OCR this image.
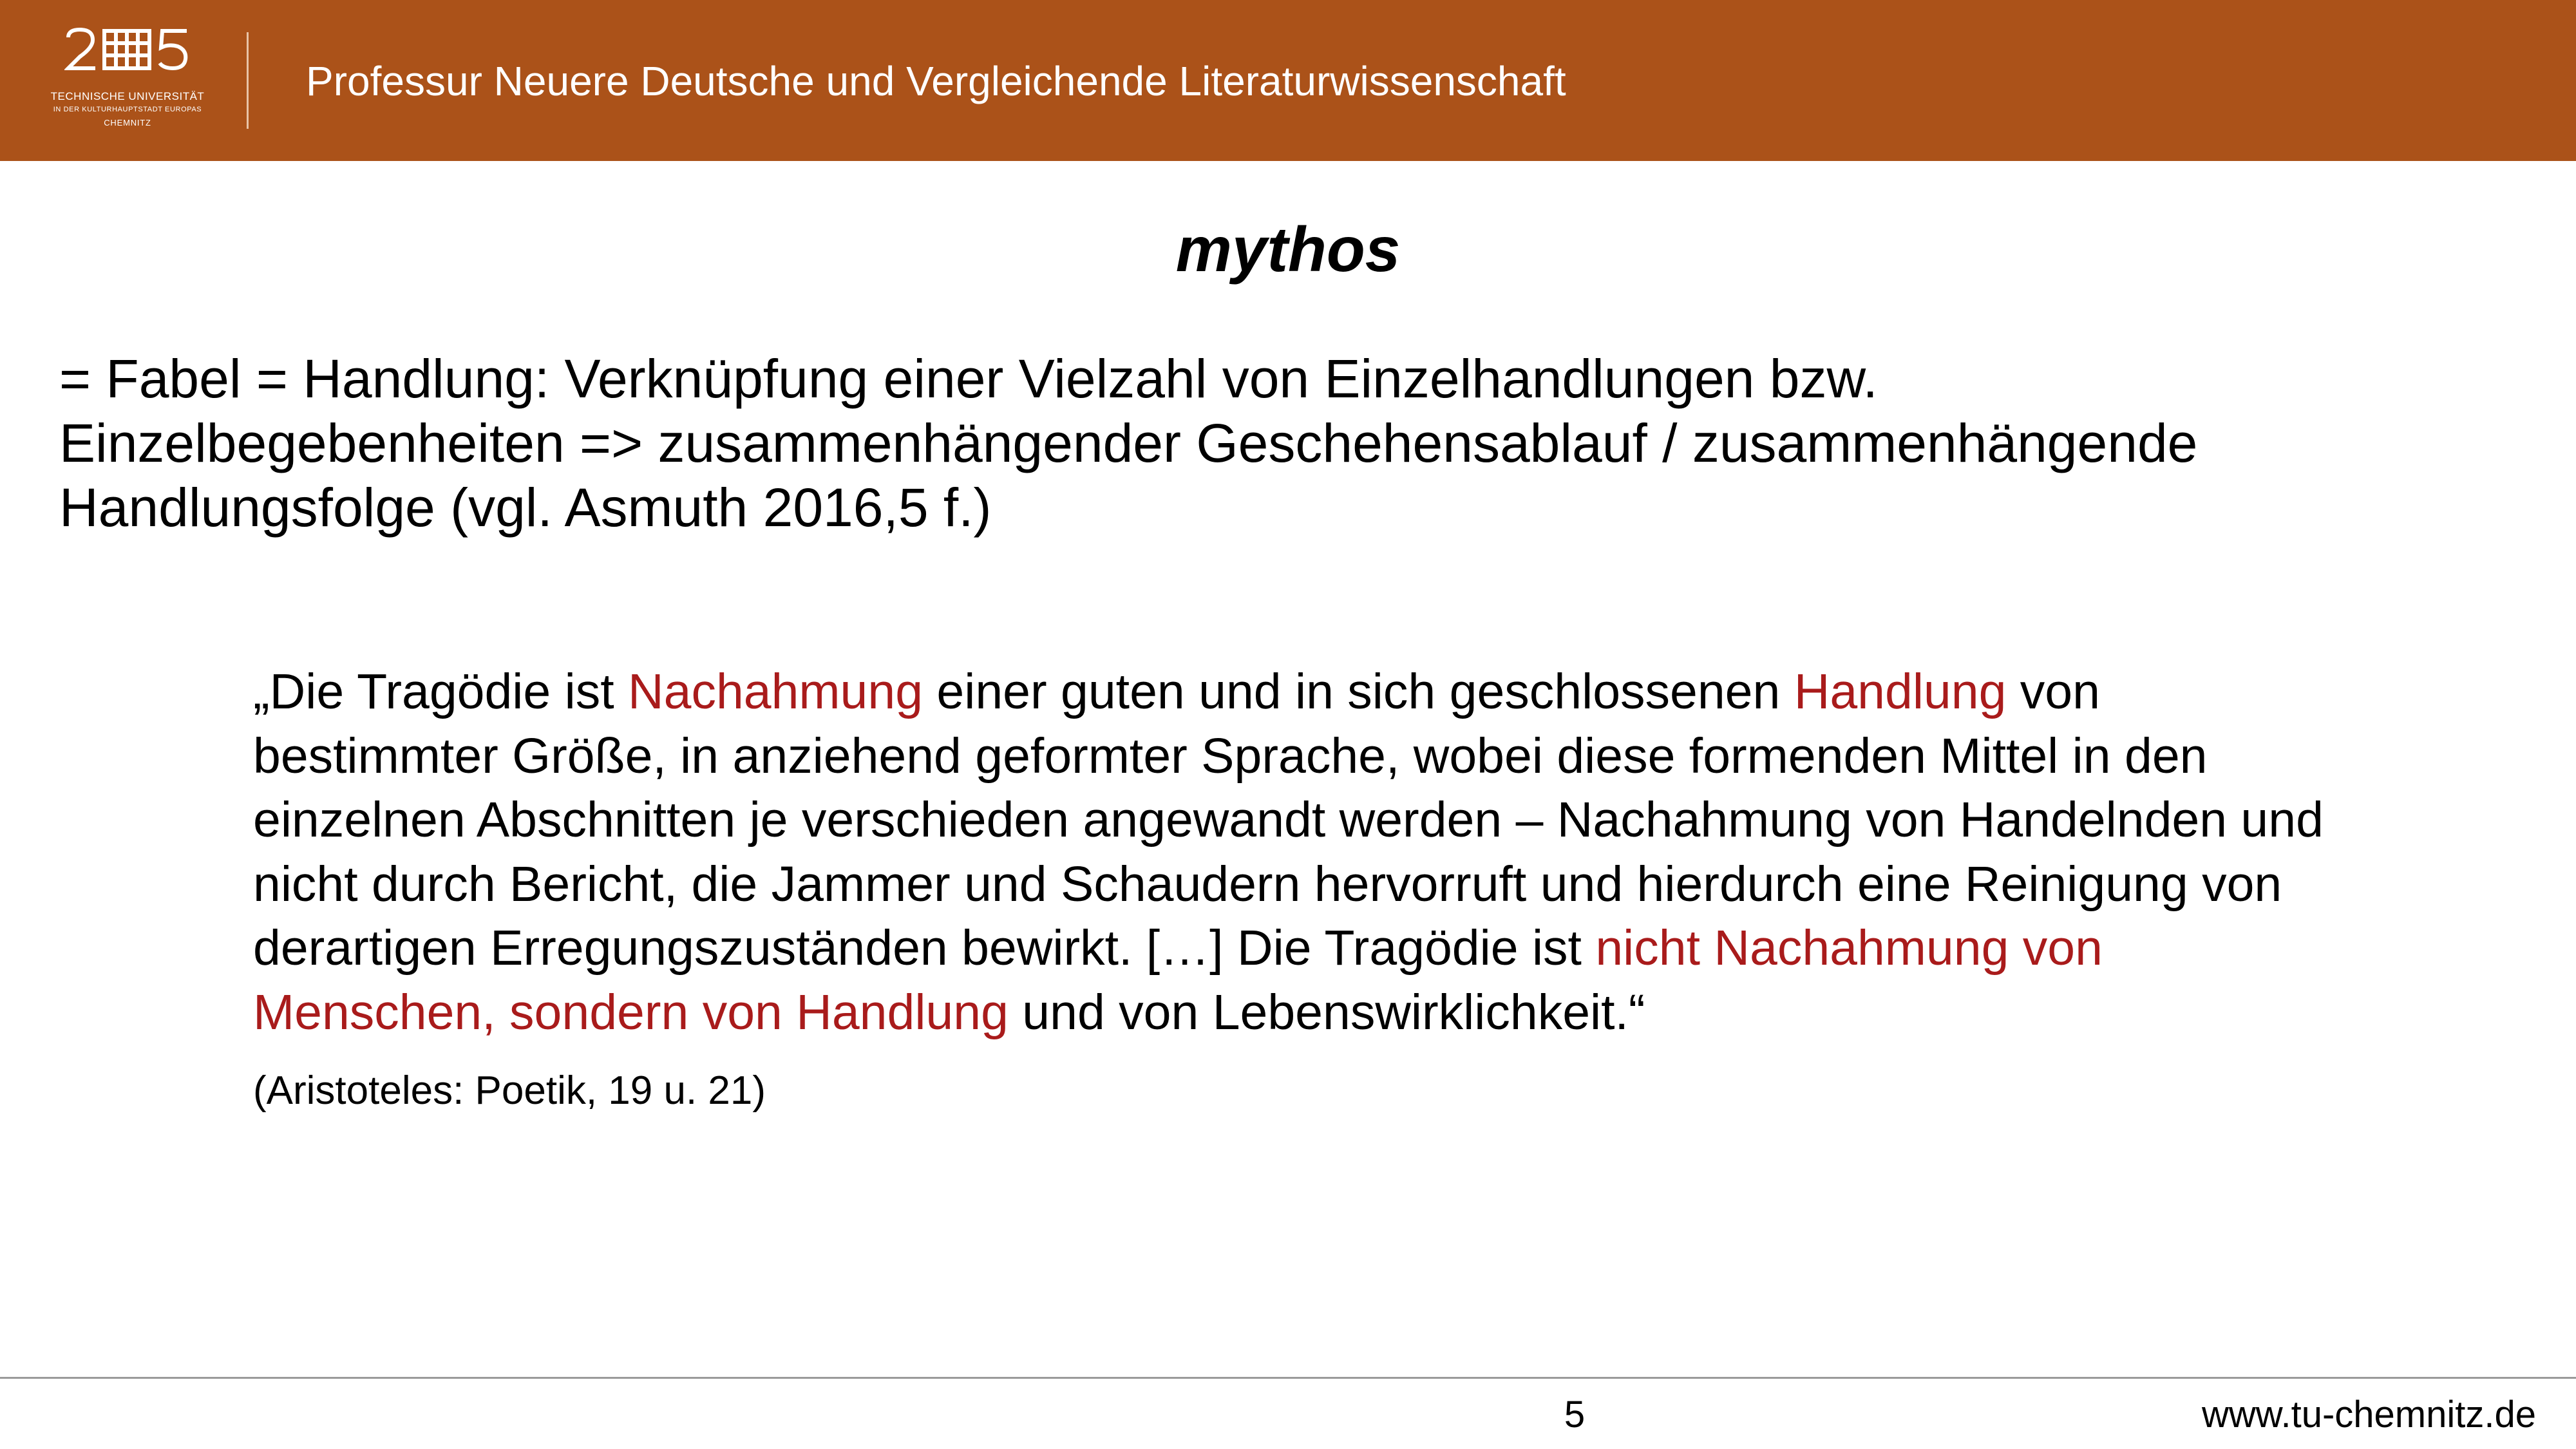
TECHNISCHE UNIVERSITÄT
IN DER KULTURHAUPTSTADT EUROPAS
CHEMNITZ
Professur Neuere Deutsche und Vergleichende Literaturwissenschaft
mythos
= Fabel = Handlung: Verknüpfung einer Vielzahl von Einzelhandlungen bzw.
Einzelbegebenheiten => zusammenhängender Geschehensablauf / zusammenhängende
Handlungsfolge (vgl. Asmuth 2016,5 f.)
„Die Tragödie ist Nachahmung einer guten und in sich geschlossenen Handlung von
bestimmter Größe, in anziehend geformter Sprache, wobei diese formenden Mittel in den
einzelnen Abschnitten je verschieden angewandt werden – Nachahmung von Handelnden und
nicht durch Bericht, die Jammer und Schaudern hervorruft und hierdurch eine Reinigung von
derartigen Erregungszuständen bewirkt. […] Die Tragödie ist nicht Nachahmung von
Menschen, sondern von Handlung und von Lebenswirklichkeit.“
(Aristoteles: Poetik, 19 u. 21)
5	www.tu-chemnitz.de
